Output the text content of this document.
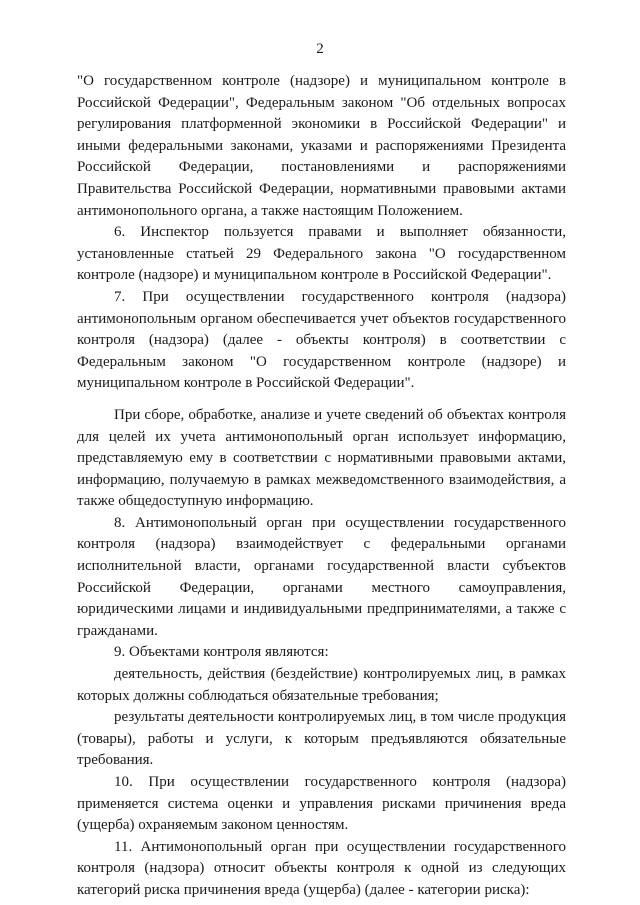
2

"О государственном контроле (надзоре) и муниципальном контроле в Российской Федерации", Федеральным законом "Об отдельных вопросах регулирования платформенной экономики в Российской Федерации" и иными федеральными законами, указами и распоряжениями Президента Российской Федерации, постановлениями и распоряжениями Правительства Российской Федерации, нормативными правовыми актами антимонопольного органа, а также настоящим Положением.

6. Инспектор пользуется правами и выполняет обязанности, установленные статьей 29 Федерального закона "О государственном контроле (надзоре) и муниципальном контроле в Российской Федерации".

7. При осуществлении государственного контроля (надзора) антимонопольным органом обеспечивается учет объектов государственного контроля (надзора) (далее - объекты контроля) в соответствии с Федеральным законом "О государственном контроле (надзоре) и муниципальном контроле в Российской Федерации".

При сборе, обработке, анализе и учете сведений об объектах контроля для целей их учета антимонопольный орган использует информацию, представляемую ему в соответствии с нормативными правовыми актами, информацию, получаемую в рамках межведомственного взаимодействия, а также общедоступную информацию.

8. Антимонопольный орган при осуществлении государственного контроля (надзора) взаимодействует с федеральными органами исполнительной власти, органами государственной власти субъектов Российской Федерации, органами местного самоуправления, юридическими лицами и индивидуальными предпринимателями, а также с гражданами.

9. Объектами контроля являются:

деятельность, действия (бездействие) контролируемых лиц, в рамках которых должны соблюдаться обязательные требования;

результаты деятельности контролируемых лиц, в том числе продукция (товары), работы и услуги, к которым предъявляются обязательные требования.

10. При осуществлении государственного контроля (надзора) применяется система оценки и управления рисками причинения вреда (ущерба) охраняемым законом ценностям.

11. Антимонопольный орган при осуществлении государственного контроля (надзора) относит объекты контроля к одной из следующих категорий риска причинения вреда (ущерба) (далее - категории риска):
